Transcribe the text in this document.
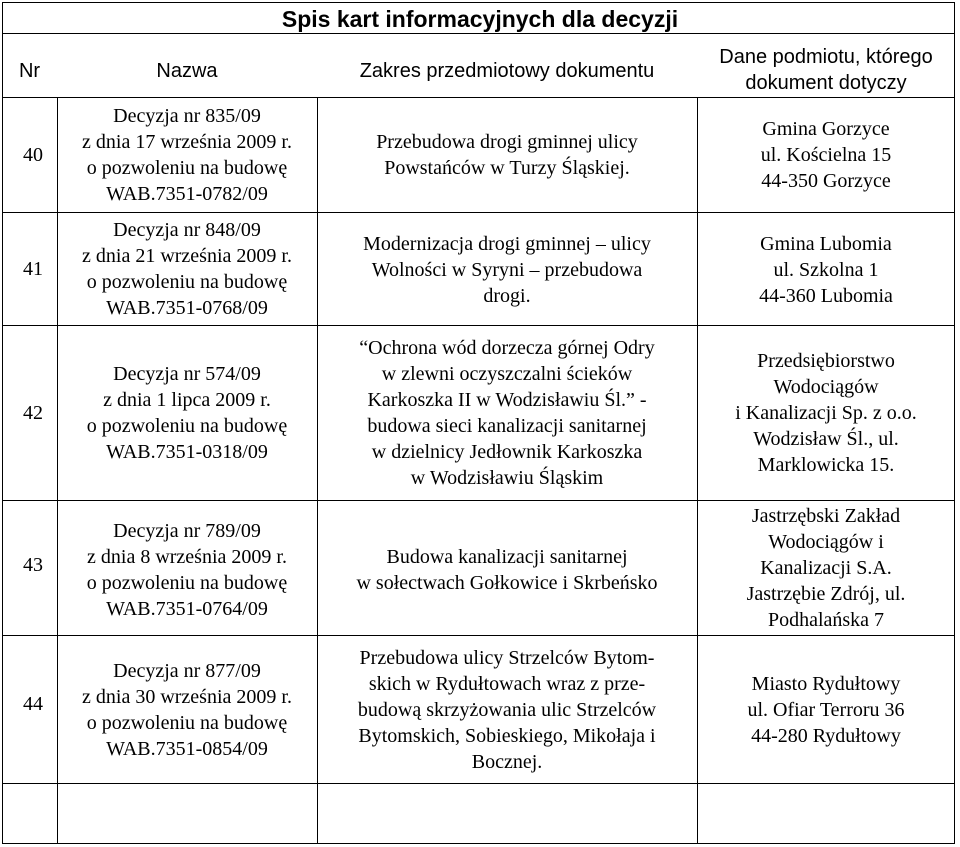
Spis kart informacyjnych dla decyzji
Nr	Nazwa	Zakres przedmiotowy dokumentu
Dane podmiotu, którego dokument dotyczy
40
Decyzja nr 835/09
z dnia 17 września 2009 r.
o pozwoleniu na budowę
WAB.7351-0782/09
Przebudowa drogi gminnej ulicy
Powstańców w Turzy Śląskiej.
Gmina Gorzyce
ul. Kościelna 15
44-350 Gorzyce
41
Decyzja nr 848/09
z dnia 21 września 2009 r.
o pozwoleniu na budowę
WAB.7351-0768/09
Modernizacja drogi gminnej – ulicy
Wolności w Syryni – przebudowa
drogi.
Gmina Lubomia
ul. Szkolna 1
44-360 Lubomia
42
Decyzja nr 574/09
z dnia 1 lipca 2009 r.
o pozwoleniu na budowę
WAB.7351-0318/09
“Ochrona wód dorzecza górnej Odry
w zlewni oczyszczalni ścieków
Karkoszka II w Wodzisławiu Śl.” -
budowa sieci kanalizacji sanitarnej
w dzielnicy Jedłownik Karkoszka
w Wodzisławiu Śląskim
Przedsiębiorstwo
Wodociągów
i Kanalizacji Sp. z o.o.
Wodzisław Śl., ul.
Marklowicka 15.
43
Decyzja nr 789/09
z dnia 8 września 2009 r.
o pozwoleniu na budowę
WAB.7351-0764/09
Budowa kanalizacji sanitarnej
w sołectwach Gołkowice i Skrbeńsko
Jastrzębski Zakład
Wodociągów i
Kanalizacji S.A.
Jastrzębie Zdrój, ul.
Podhalańska 7
44
Decyzja nr 877/09
z dnia 30 września 2009 r.
o pozwoleniu na budowę
WAB.7351-0854/09
Przebudowa ulicy Strzelców Bytom-
skich w Rydułtowach wraz z prze-
budową skrzyżowania ulic Strzelców
Bytomskich, Sobieskiego, Mikołaja i
Bocznej.
Miasto Rydułtowy
ul. Ofiar Terroru 36
44-280 Rydułtowy
